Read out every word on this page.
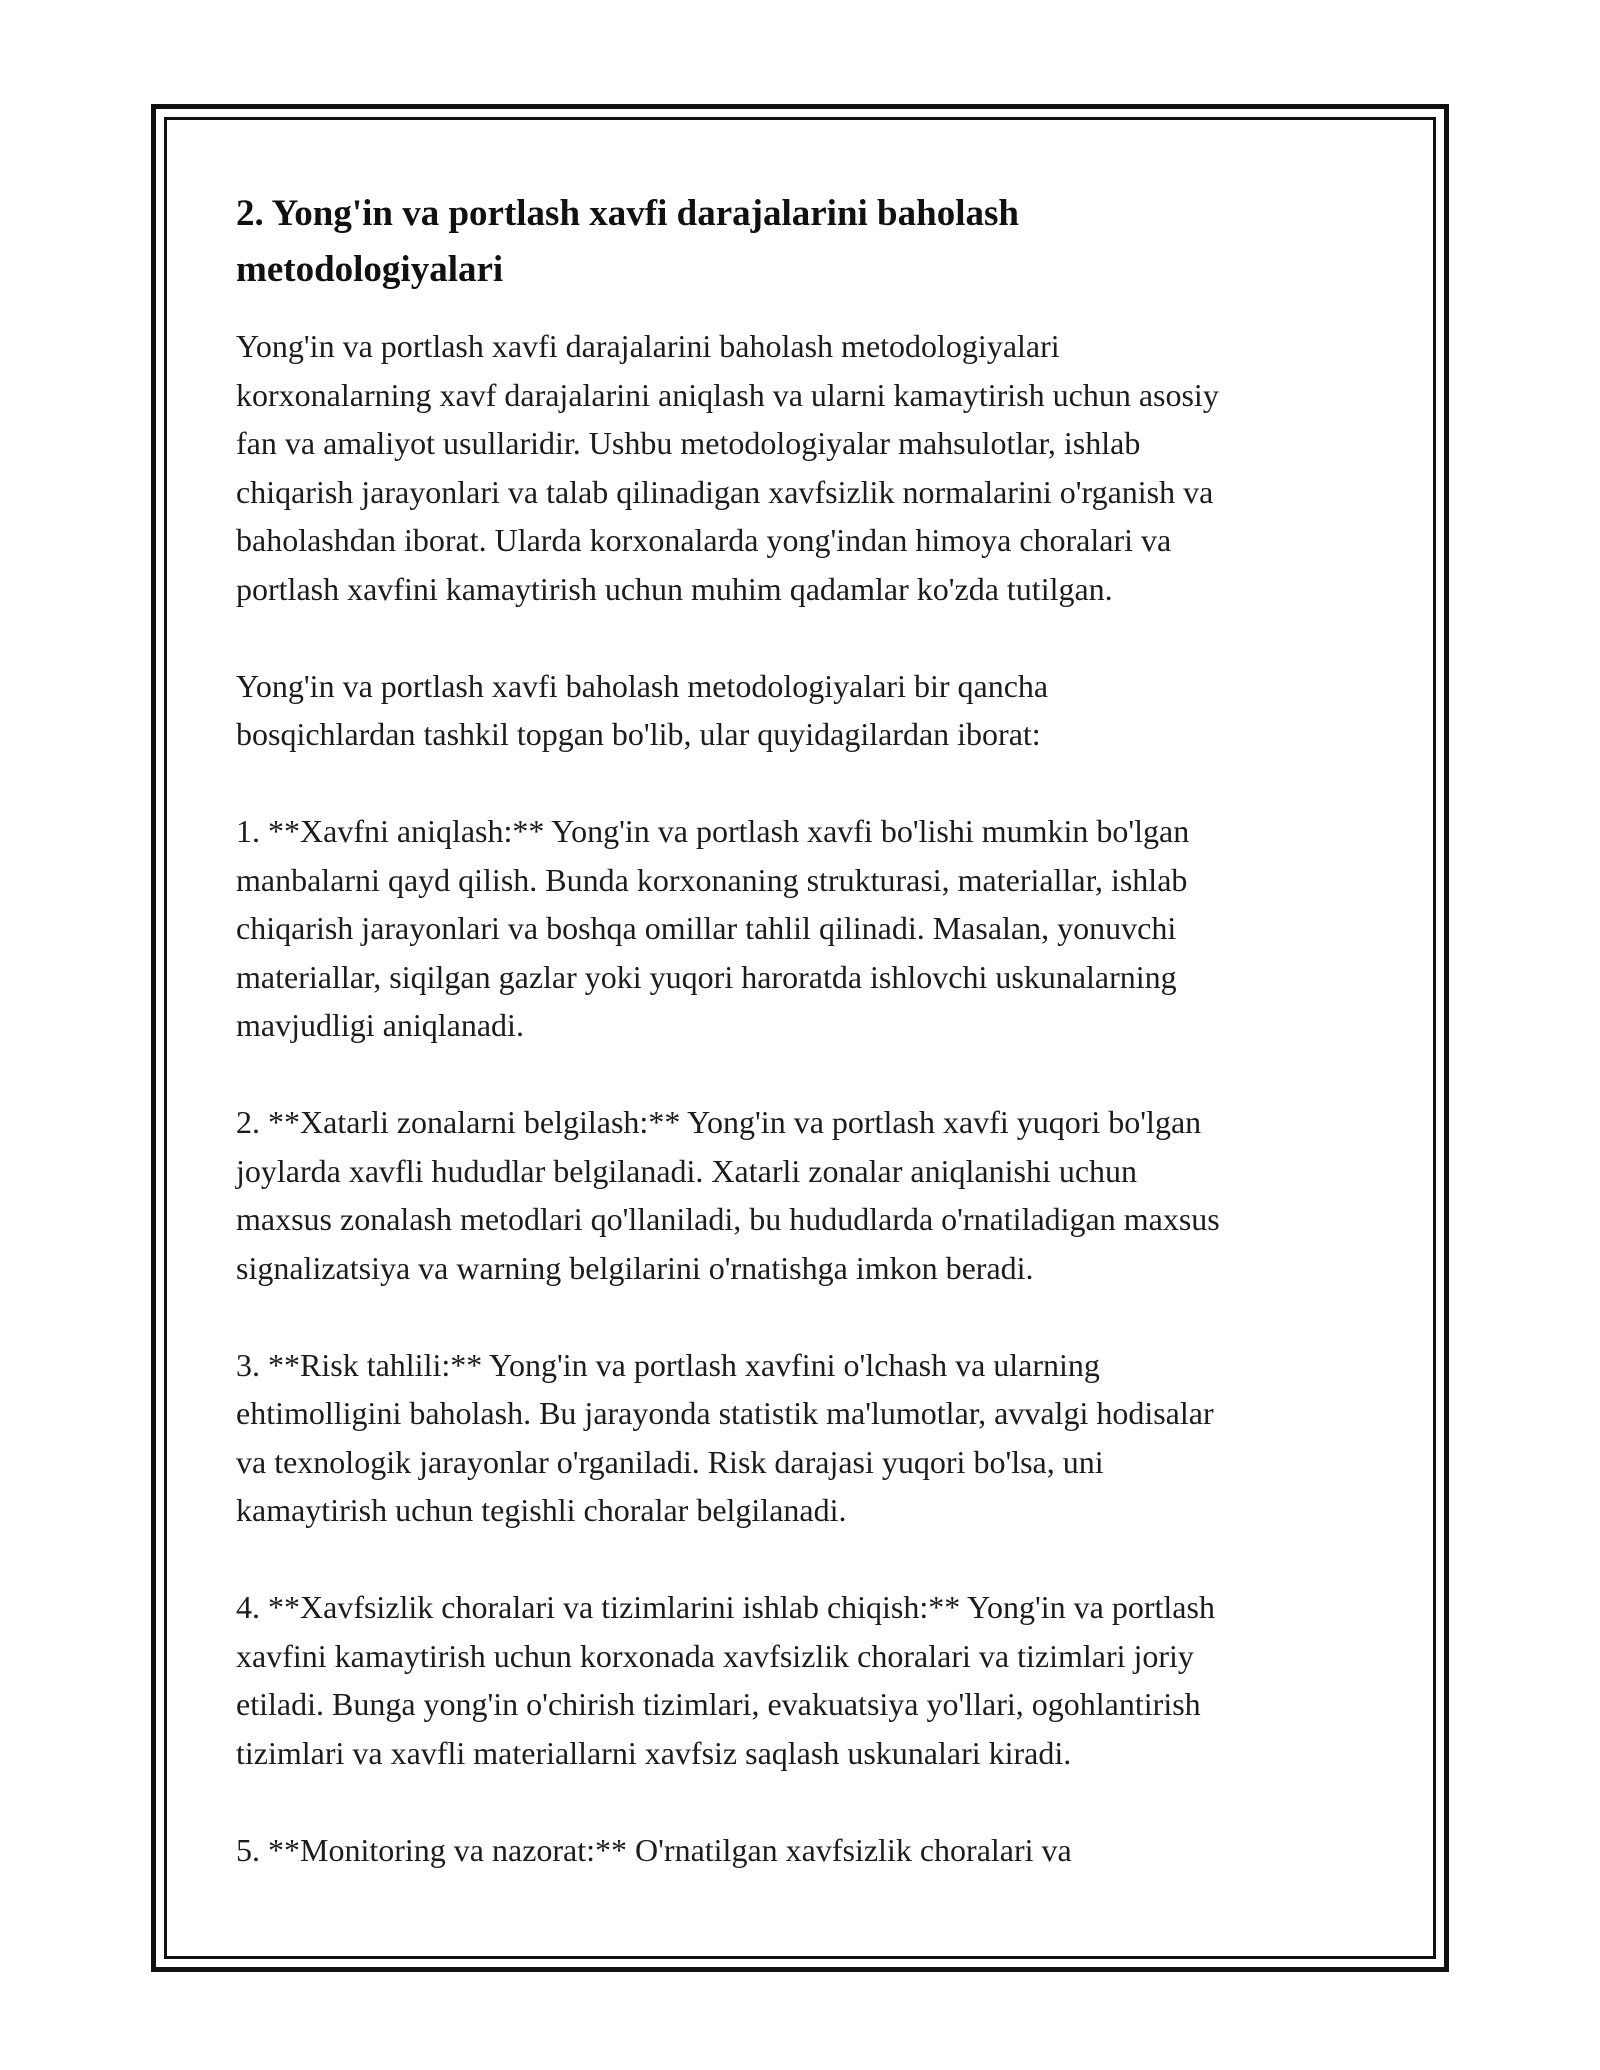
2. Yong'in va portlash xavfi darajalarini baholash
metodologiyalari

Yong'in va portlash xavfi darajalarini baholash metodologiyalari
korxonalarning xavf darajalarini aniqlash va ularni kamaytirish uchun asosiy
fan va amaliyot usullaridir. Ushbu metodologiyalar mahsulotlar, ishlab
chiqarish jarayonlari va talab qilinadigan xavfsizlik normalarini o'rganish va
baholashdan iborat. Ularda korxonalarda yong'indan himoya choralari va
portlash xavfini kamaytirish uchun muhim qadamlar ko'zda tutilgan.

Yong'in va portlash xavfi baholash metodologiyalari bir qancha
bosqichlardan tashkil topgan bo'lib, ular quyidagilardan iborat:

1. **Xavfni aniqlash:** Yong'in va portlash xavfi bo'lishi mumkin bo'lgan
manbalarni qayd qilish. Bunda korxonaning strukturasi, materiallar, ishlab
chiqarish jarayonlari va boshqa omillar tahlil qilinadi. Masalan, yonuvchi
materiallar, siqilgan gazlar yoki yuqori haroratda ishlovchi uskunalarning
mavjudligi aniqlanadi.

2. **Xatarli zonalarni belgilash:** Yong'in va portlash xavfi yuqori bo'lgan
joylarda xavfli hududlar belgilanadi. Xatarli zonalar aniqlanishi uchun
maxsus zonalash metodlari qo'llaniladi, bu hududlarda o'rnatiladigan maxsus
signalizatsiya va warning belgilarini o'rnatishga imkon beradi.

3. **Risk tahlili:** Yong'in va portlash xavfini o'lchash va ularning
ehtimolligini baholash. Bu jarayonda statistik ma'lumotlar, avvalgi hodisalar
va texnologik jarayonlar o'rganiladi. Risk darajasi yuqori bo'lsa, uni
kamaytirish uchun tegishli choralar belgilanadi.

4. **Xavfsizlik choralari va tizimlarini ishlab chiqish:** Yong'in va portlash
xavfini kamaytirish uchun korxonada xavfsizlik choralari va tizimlari joriy
etiladi. Bunga yong'in o'chirish tizimlari, evakuatsiya yo'llari, ogohlantirish
tizimlari va xavfli materiallarni xavfsiz saqlash uskunalari kiradi.

5. **Monitoring va nazorat:** O'rnatilgan xavfsizlik choralari va
